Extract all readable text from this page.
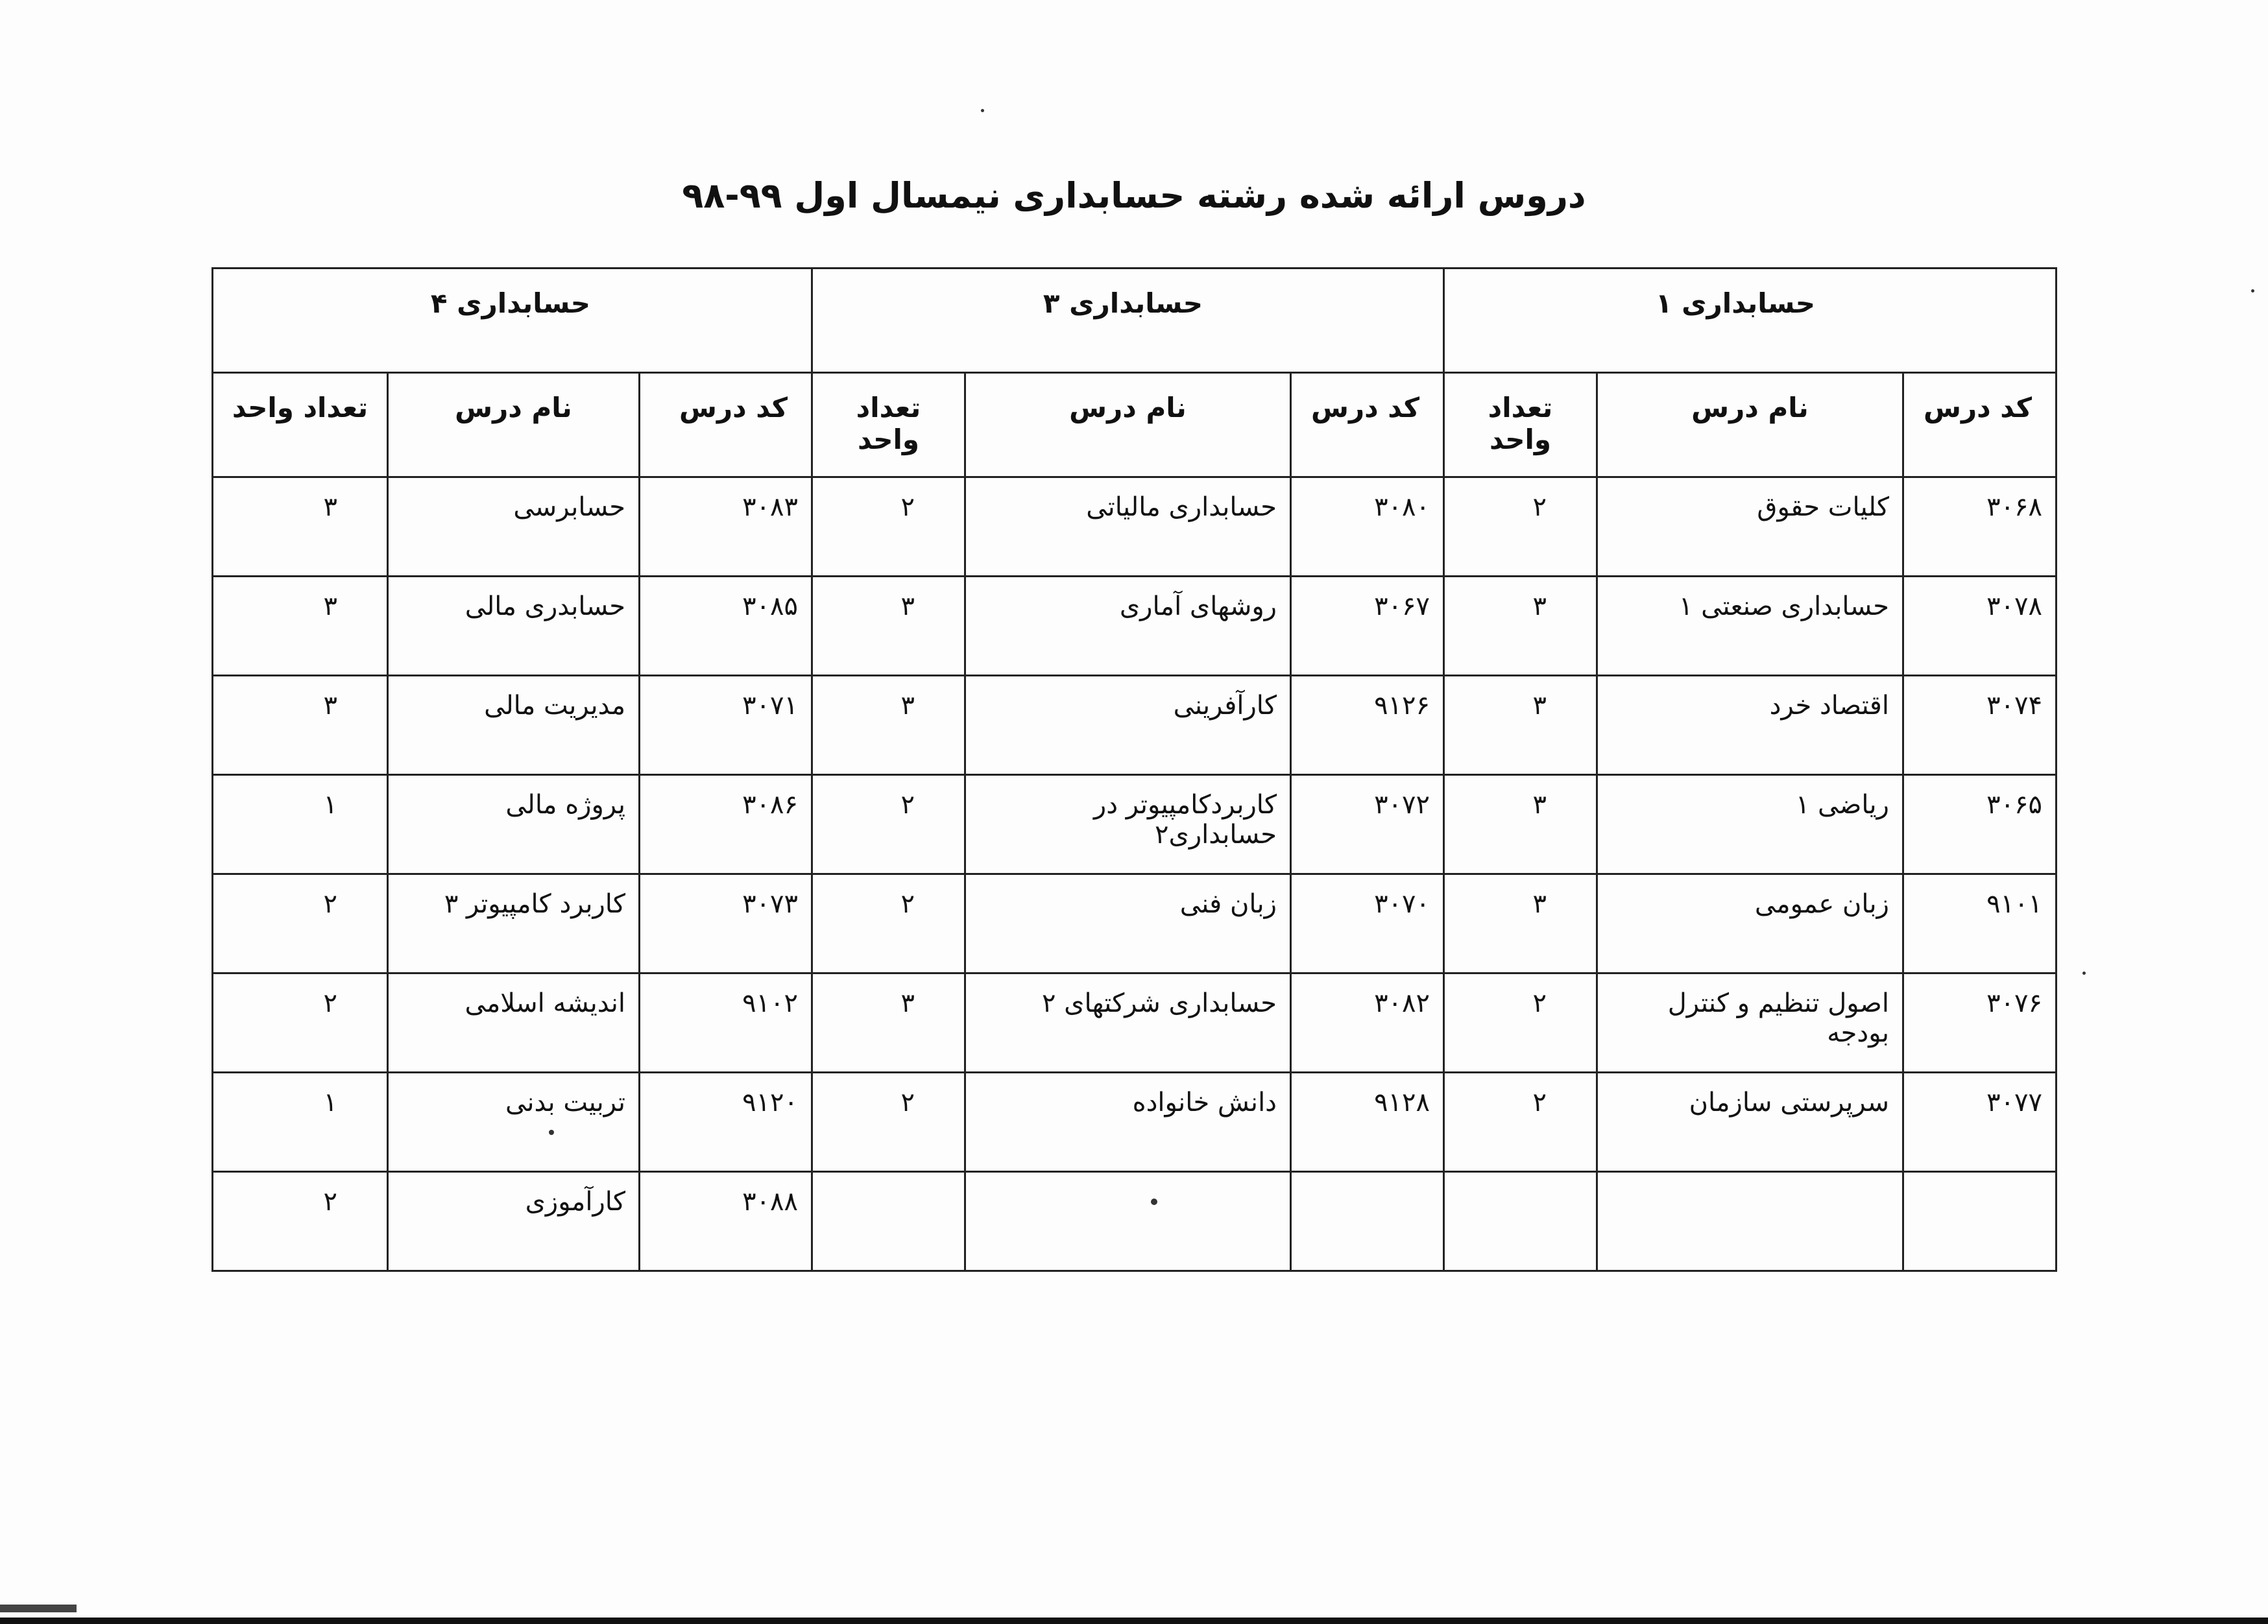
دروس ارائه شده رشته حسابداری نیمسال اول ۹۹-۹۸
حسابداری ۱			حسابداری ۳			حسابداری ۴		
کد درس	نام درس	تعداد واحد	کد درس	نام درس	تعداد واحد	کد درس	نام درس	تعداد واحد
۳۰۶۸	کلیات حقوق	۲	۳۰۸۰	حسابداری مالیاتی	۲	۳۰۸۳	حسابرسی	۳
۳۰۷۸	حسابداری صنعتی ۱	۳	۳۰۶۷	روشهای آماری	۳	۳۰۸۵	حسابدری مالی	۳
۳۰۷۴	اقتصاد خرد	۳	۹۱۲۶	کارآفرینی	۳	۳۰۷۱	مدیریت مالی	۳
۳۰۶۵	ریاضی ۱	۳	۳۰۷۲	کاربردکامپیوتر در حسابداری۲	۲	۳۰۸۶	پروژه مالی	۱
۹۱۰۱	زبان عمومی	۳	۳۰۷۰	زبان فنی	۲	۳۰۷۳	کاربرد کامپیوتر ۳	۲
۳۰۷۶	اصول تنظیم و کنترل بودجه	۲	۳۰۸۲	حسابداری شرکتهای ۲	۳	۹۱۰۲	اندیشه اسلامی	۲
۳۰۷۷	سرپرستی سازمان	۲	۹۱۲۸	دانش خانواده	۲	۹۱۲۰	تربیت بدنی	۱
						۳۰۸۸	کارآموزی	۲
